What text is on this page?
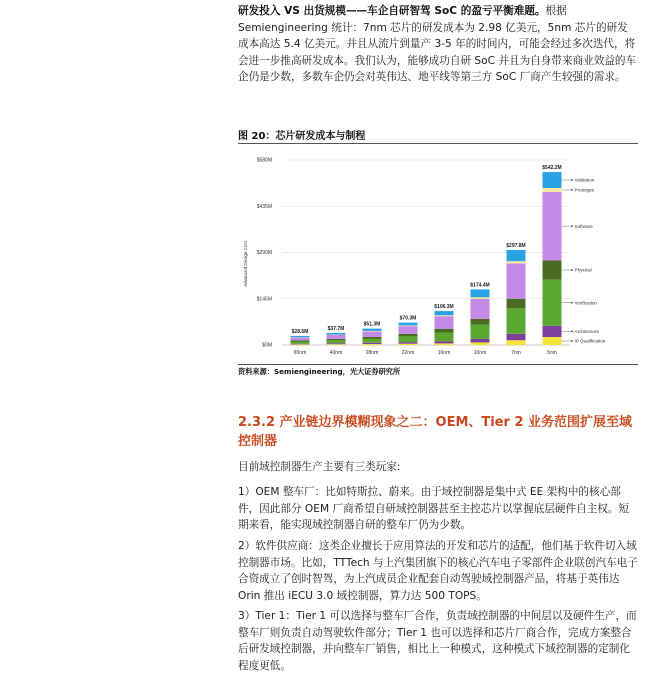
研发投入 VS 出货规模——车企自研智驾 SoC 的盈亏平衡难题。根据 Semiengineering 统计：7nm 芯片的研发成本为 2.98 亿美元，5nm 芯片的研发成本高达 5.4 亿美元。并且从流片到量产 3-5 年的时间内，可能会经过多次迭代，将会进一步推高研发成本。我们认为，能够成功自研 SoC 并且为自身带来商业效益的车企仍是少数，多数车企仍会对英伟达、地平线等第三方 SoC 厂商产生较强的需求。

图 20：芯片研发成本与制程
$0M
$145M
$290M
$435M
$580M
Advanced Design Cost
$28.5M	$37.7M
$51.3M
$70.3M
$106.3M
$174.4M
$297.8M
$542.2M
65nm	40nm	28nm	22nm	16nm	10nm	7nm	5nm
IP Qualification
Architecture
Verification
Physical
Software
Prototype
Validation
资料来源：Semiengineering，光大证券研究所

2.3.2 产业链边界模糊现象之二：OEM、Tier 2 业务范围扩展至域控制器

目前域控制器生产主要有三类玩家:

1）OEM 整车厂：比如特斯拉、蔚来。由于域控制器是集中式 EE 架构中的核心部件，因此部分 OEM 厂商希望自研域控制器甚至主控芯片以掌握底层硬件自主权。短期来看，能实现域控制器自研的整车厂仍为少数。

2）软件供应商：这类企业擅长于应用算法的开发和芯片的适配，他们基于软件切入域控制器市场。比如，TTTech 与上汽集团旗下的核心汽车电子零部件企业联创汽车电子合资成立了创时智驾，为上汽成员企业配套自动驾驶域控制器产品，将基于英伟达 Orin 推出 iECU 3.0 域控制器，算力达 500 TOPS。

3）Tier 1：Tier 1 可以选择与整车厂合作，负责域控制器的中间层以及硬件生产，而整车厂则负责自动驾驶软件部分；Tier 1 也可以选择和芯片厂商合作，完成方案整合后研发域控制器，并向整车厂销售，相比上一种模式，这种模式下域控制器的定制化程度更低。
